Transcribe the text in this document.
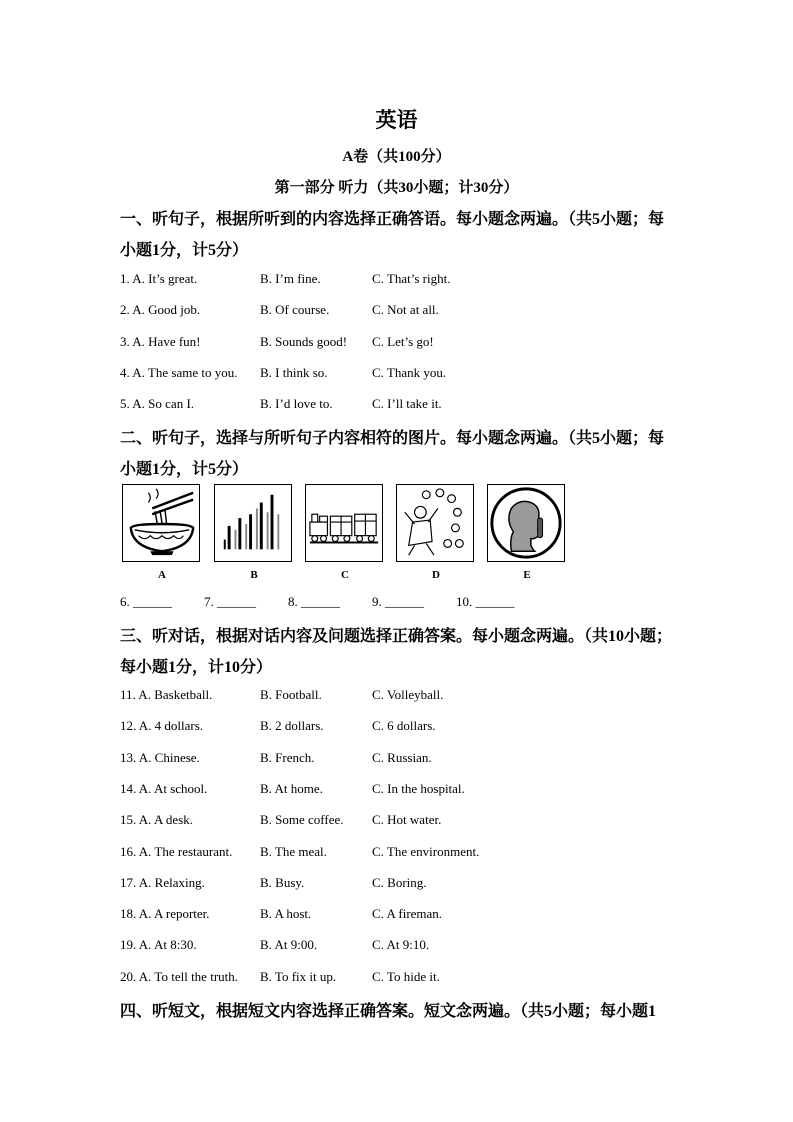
英语
A卷（共100分）
第一部分 听力（共30小题；计30分）
一、听句子，根据所听到的内容选择正确答语。每小题念两遍。（共5小题；每
小题1分，计5分）
1. A. It’s great.	B. I’m fine.	C. That’s right.
2. A. Good job.	B. Of course.	C. Not at all.
3. A. Have fun!	B. Sounds good! C. Let’s go!
4. A. The same to you. B. I think so.	C. Thank you.
5. A. So can I.	B. I’d love to.	C. I’ll take it.
二、听句子，选择与所听句子内容相符的图片。每小题念两遍。（共5小题；每
小题1分，计5分）
A	B	C	D	E
6. ______ 7. ______ 8. ______ 9. ______ 10. ______
三、听对话，根据对话内容及问题选择正确答案。每小题念两遍。（共10小题；
每小题1分，计10分）
11. A. Basketball.	B. Football.	C. Volleyball.
12. A. 4 dollars.	B. 2 dollars.	C. 6 dollars.
13. A. Chinese.	B. French.	C. Russian.
14. A. At school.	B. At home.	C. In the hospital.
15. A. A desk.	B. Some coffee. C. Hot water.
16. A. The restaurant. B. The meal.	C. The environment.
17. A. Relaxing.	B. Busy.	C. Boring.
18. A. A reporter.	B. A host.	C. A fireman.
19. A. At 8:30.	B. At 9:00.	C. At 9:10.
20. A. To tell the truth. B. To fix it up.	C. To hide it.
四、听短文，根据短文内容选择正确答案。短文念两遍。（共5小题；每小题1
